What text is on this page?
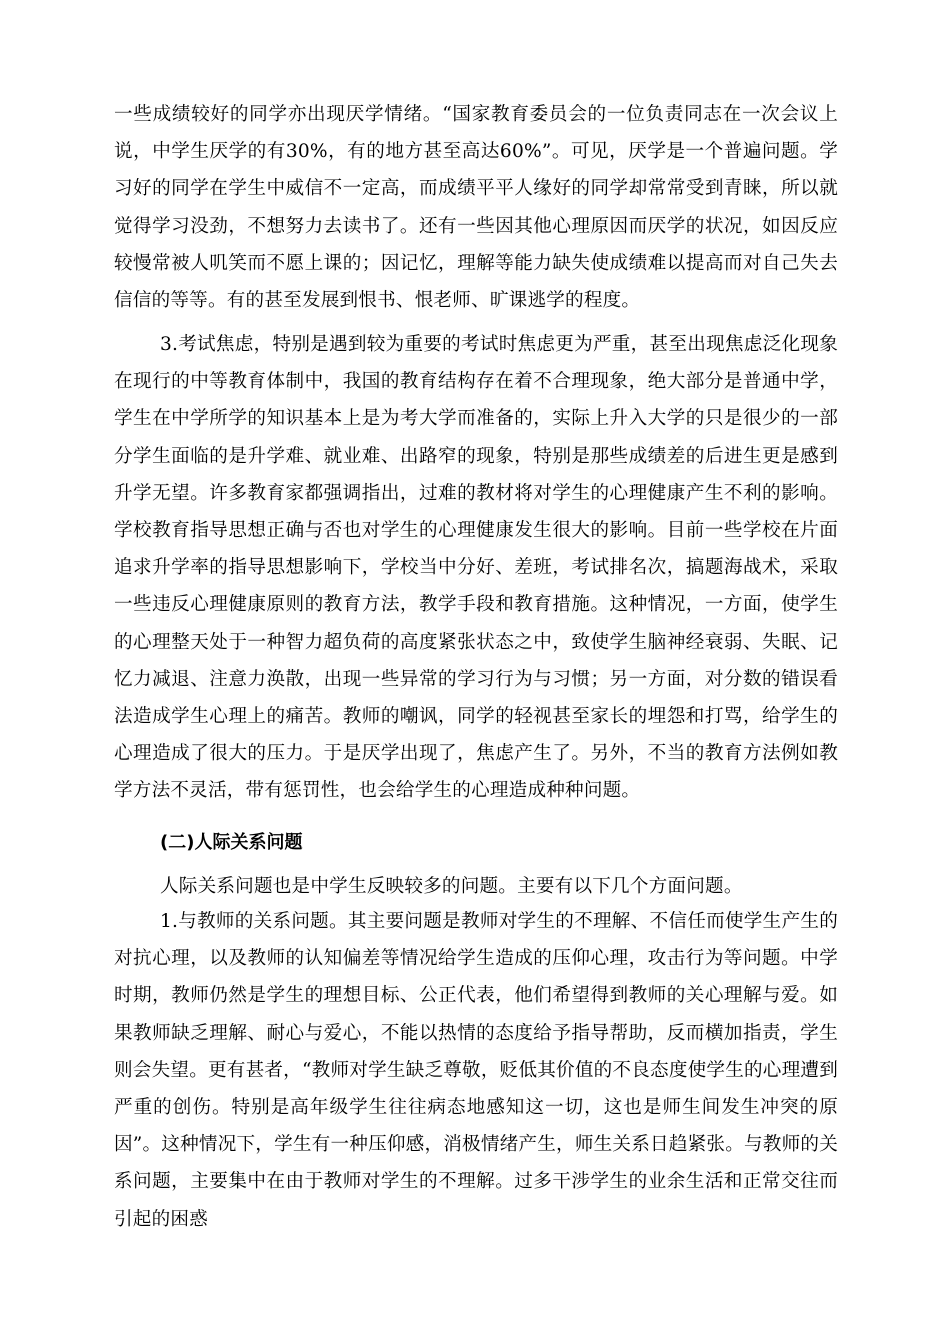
一些成绩较好的同学亦出现厌学情绪。“国家教育委员会的一位负责同志在一次会议上说，中学生厌学的有30%，有的地方甚至高达60%”。可见，厌学是一个普遍问题。学习好的同学在学生中威信不一定高，而成绩平平人缘好的同学却常常受到青睐，所以就觉得学习没劲，不想努力去读书了。还有一些因其他心理原因而厌学的状况，如因反应较慢常被人叽笑而不愿上课的；因记忆，理解等能力缺失使成绩难以提高而对自己失去信信的等等。有的甚至发展到恨书、恨老师、旷课逃学的程度。

3.考试焦虑，特别是遇到较为重要的考试时焦虑更为严重，甚至出现焦虑泛化现象在现行的中等教育体制中，我国的教育结构存在着不合理现象，绝大部分是普通中学，学生在中学所学的知识基本上是为考大学而准备的，实际上升入大学的只是很少的一部分学生面临的是升学难、就业难、出路窄的现象，特别是那些成绩差的后进生更是感到升学无望。许多教育家都强调指出，过难的教材将对学生的心理健康产生不利的影响。学校教育指导思想正确与否也对学生的心理健康发生很大的影响。目前一些学校在片面追求升学率的指导思想影响下，学校当中分好、差班，考试排名次，搞题海战术，采取一些违反心理健康原则的教育方法，教学手段和教育措施。这种情况，一方面，使学生的心理整天处于一种智力超负荷的高度紧张状态之中，致使学生脑神经衰弱、失眠、记忆力减退、注意力涣散，出现一些异常的学习行为与习惯；另一方面，对分数的错误看法造成学生心理上的痛苦。教师的嘲讽，同学的轻视甚至家长的埋怨和打骂，给学生的心理造成了很大的压力。于是厌学出现了，焦虑产生了。另外，不当的教育方法例如教学方法不灵活，带有惩罚性，也会给学生的心理造成种种问题。

(二)人际关系问题

人际关系问题也是中学生反映较多的问题。主要有以下几个方面问题。

1.与教师的关系问题。其主要问题是教师对学生的不理解、不信任而使学生产生的对抗心理，以及教师的认知偏差等情况给学生造成的压仰心理，攻击行为等问题。中学时期，教师仍然是学生的理想目标、公正代表，他们希望得到教师的关心理解与爱。如果教师缺乏理解、耐心与爱心，不能以热情的态度给予指导帮助，反而横加指责，学生则会失望。更有甚者，“教师对学生缺乏尊敬，贬低其价值的不良态度使学生的心理遭到严重的创伤。特别是高年级学生往往病态地感知这一切，这也是师生间发生冲突的原因”。这种情况下，学生有一种压仰感，消极情绪产生，师生关系日趋紧张。与教师的关系问题，主要集中在由于教师对学生的不理解。过多干涉学生的业余生活和正常交往而引起的困惑
